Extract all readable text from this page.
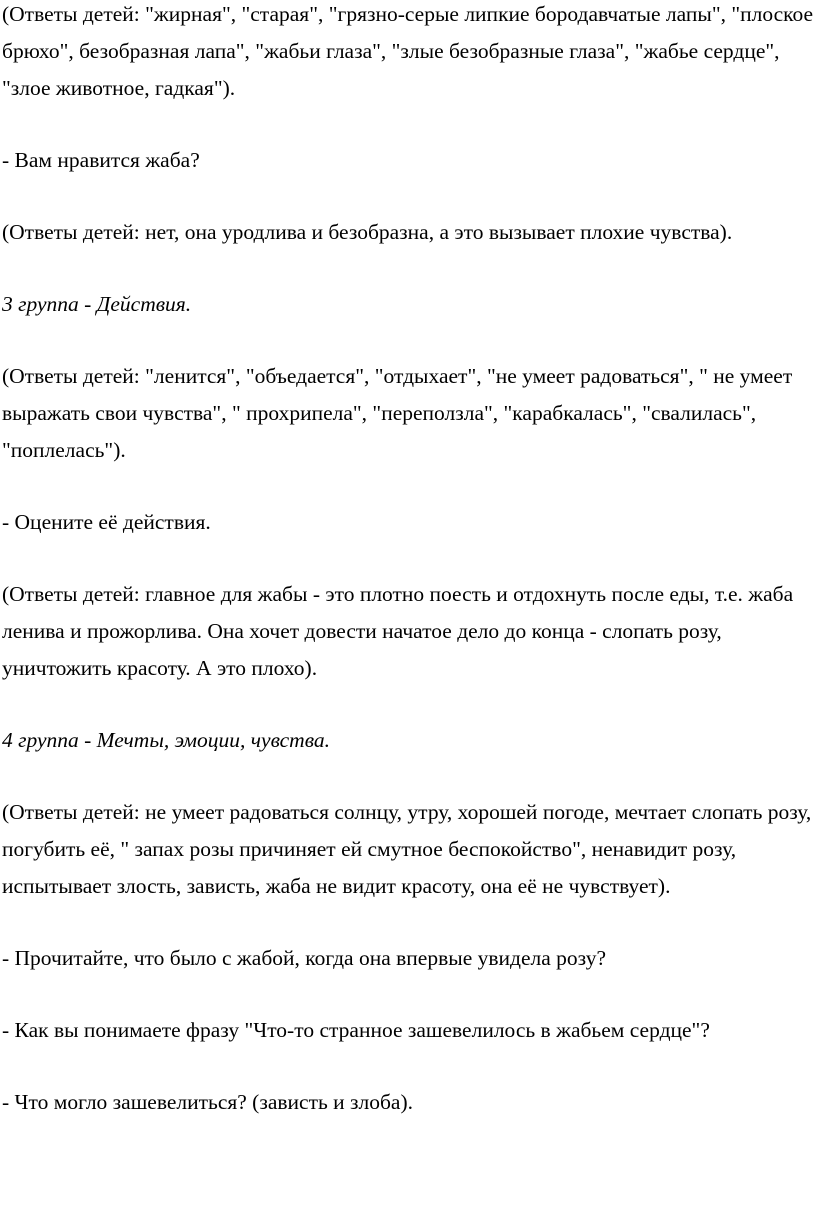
(Ответы детей: "жирная", "старая", "грязно-серые липкие бородавчатые лапы", "плоское брюхо", безобразная лапа", "жабьи глаза", "злые безобразные глаза", "жабье сердце", "злое животное, гадкая").

- Вам нравится жаба?

(Ответы детей: нет, она уродлива и безобразна, а это вызывает плохие чувства).

3 группа - Действия.

(Ответы детей: "ленится", "объедается", "отдыхает", "не умеет радоваться", " не умеет выражать свои чувства", " прохрипела", "переползла", "карабкалась", "свалилась", "поплелась").

- Оцените её действия.

(Ответы детей: главное для жабы - это плотно поесть и отдохнуть после еды, т.е. жаба ленива и прожорлива. Она хочет довести начатое дело до конца - слопать розу, уничтожить красоту. А это плохо).

4 группа - Мечты, эмоции, чувства.

(Ответы детей: не умеет радоваться солнцу, утру, хорошей погоде, мечтает слопать розу, погубить её, " запах розы причиняет ей смутное беспокойство", ненавидит розу, испытывает злость, зависть, жаба не видит красоту, она её не чувствует).

- Прочитайте, что было с жабой, когда она впервые увидела розу?

- Как вы понимаете фразу "Что-то странное зашевелилось в жабьем сердце"?

- Что могло зашевелиться? (зависть и злоба).
